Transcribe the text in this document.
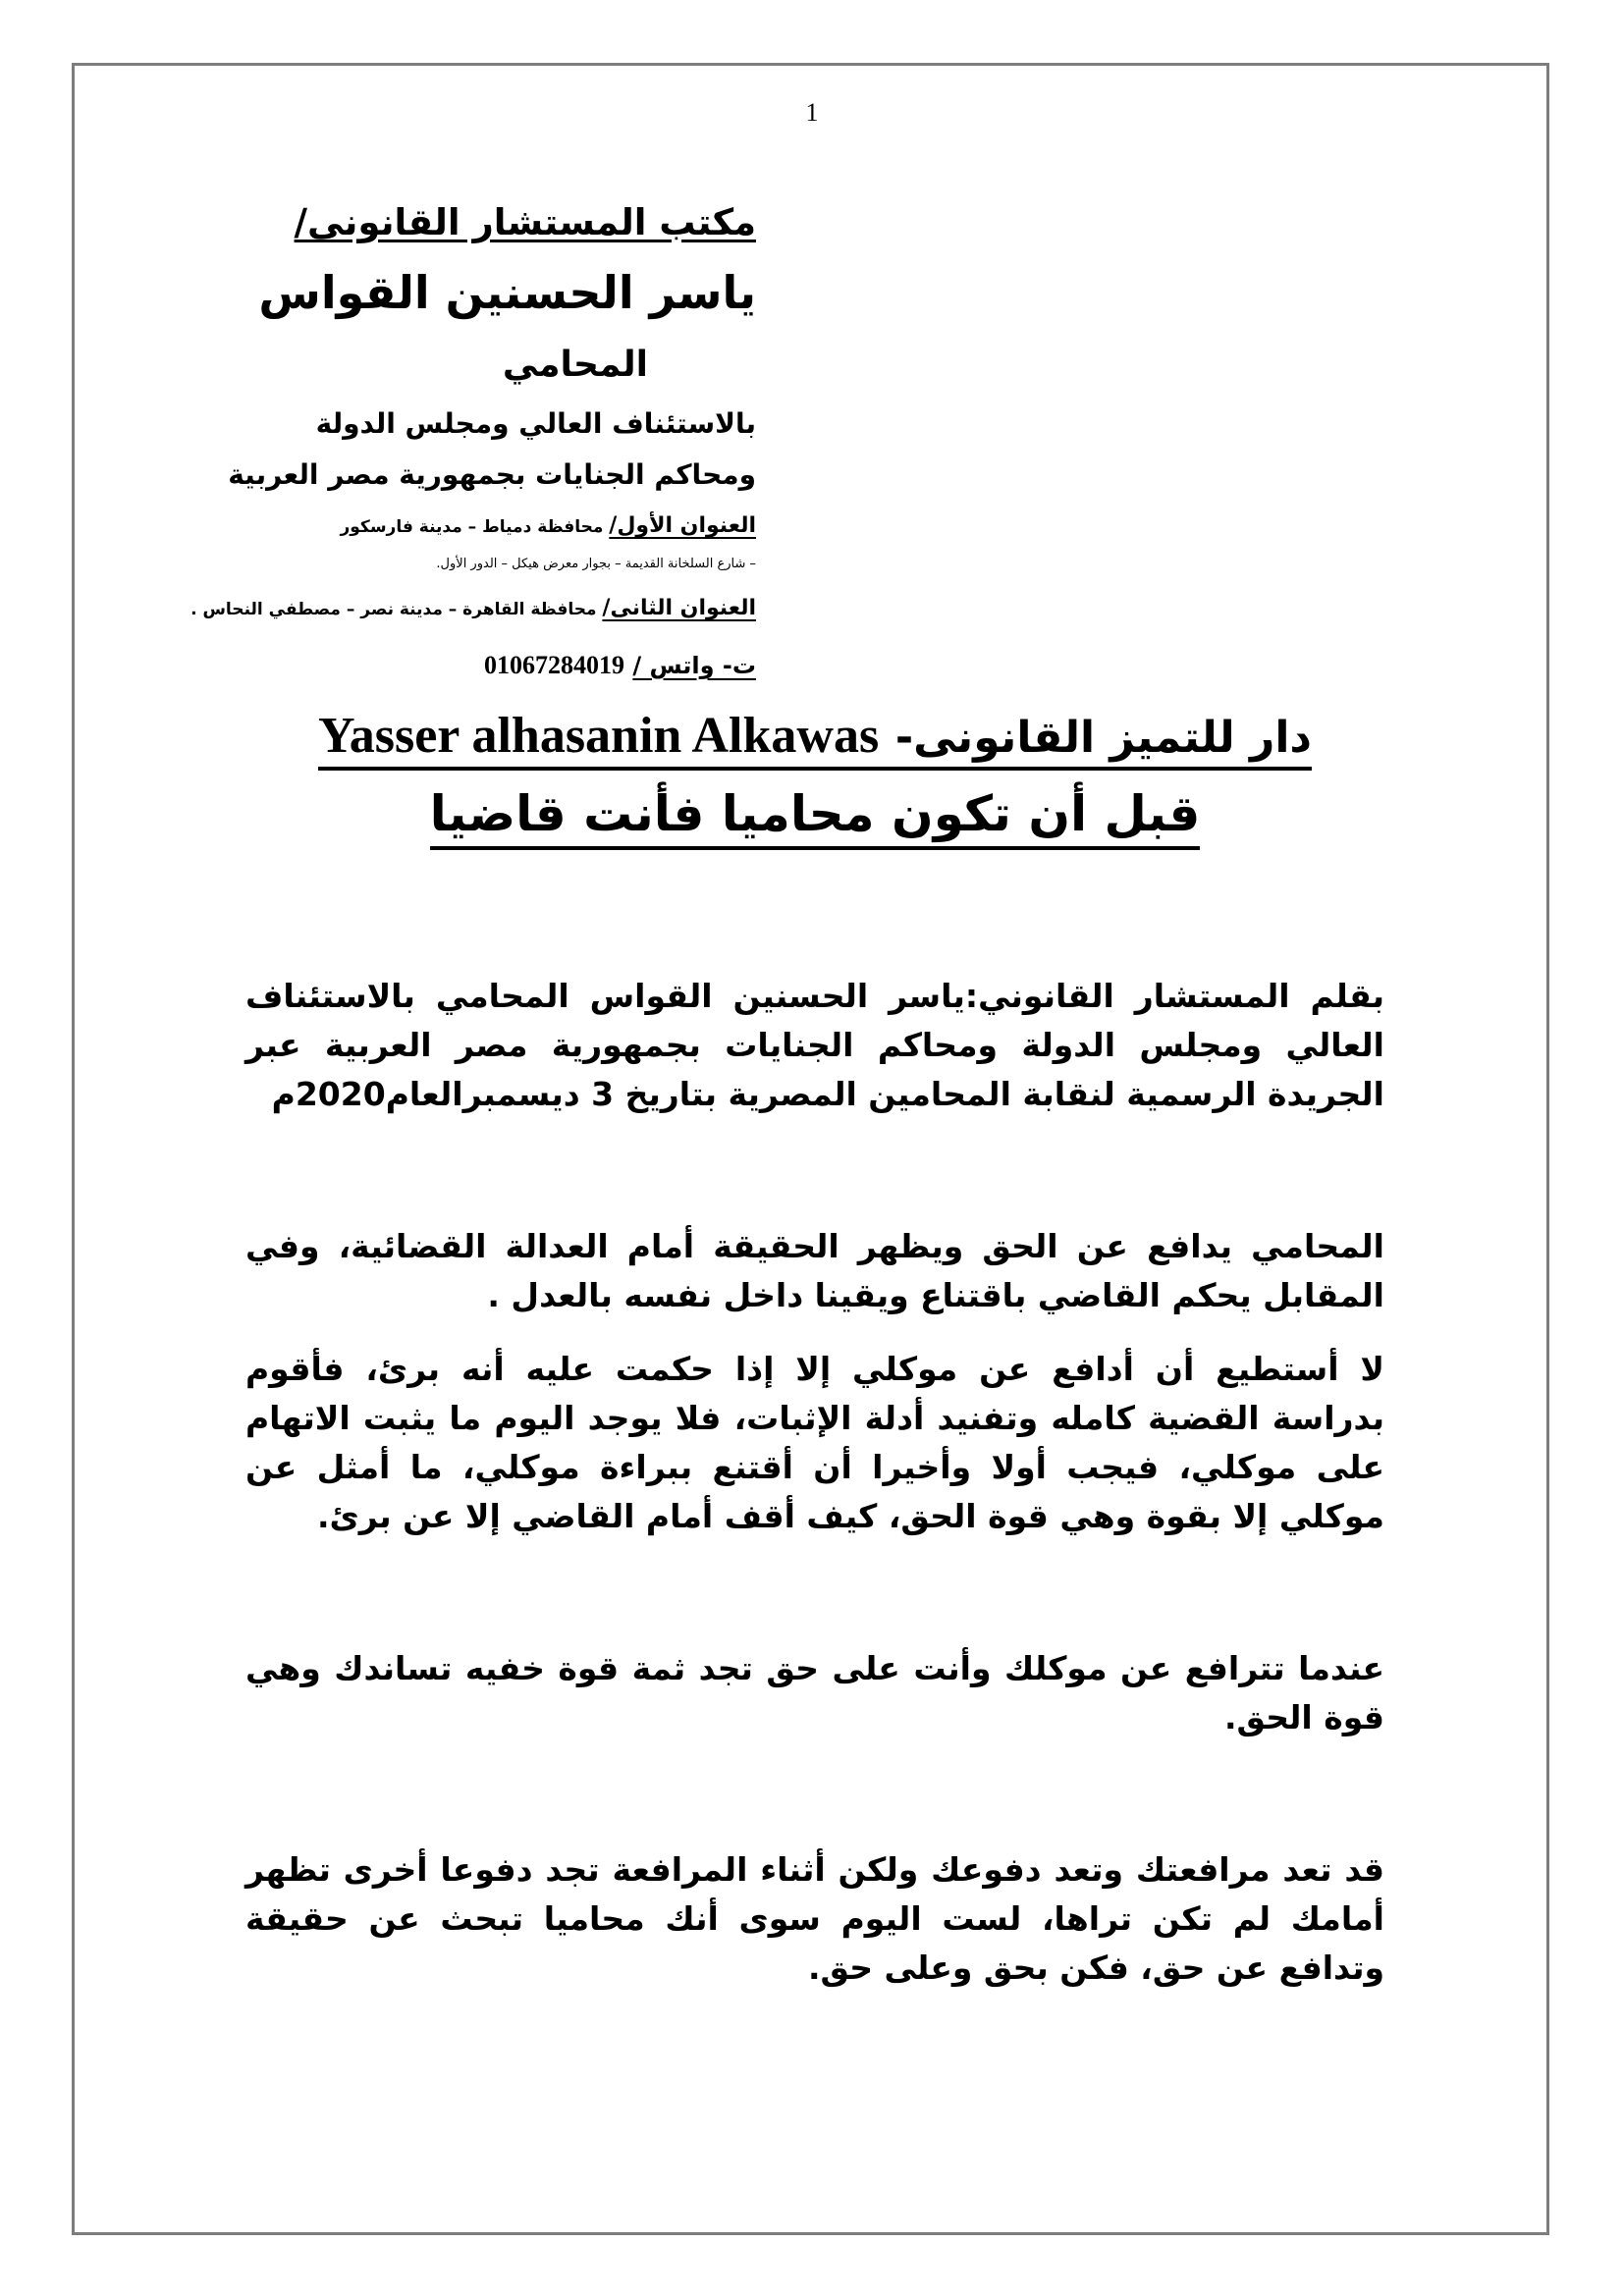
1
مكتب المستشار القانونى/
ياسر الحسنين القواس
المحامي
بالاستئناف العالي ومجلس الدولة
ومحاكم الجنايات بجمهورية مصر العربية
العنوان الأول/ محافظة دمياط – مدينة فارسكور
– شارع السلخانة القديمة – بجوار معرض هيكل – الدور الأول.
العنوان الثانى/ محافظة القاهرة – مدينة نصر – مصطفي النحاس .
ت- واتس / 01067284019
Yasser alhasanin Alkawas دار للتميز القانونى-
قبل أن تكون محاميا فأنت قاضيا

بقلم المستشار القانوني:ياسر الحسنين القواس المحامي بالاستئناف العالي ومجلس الدولة ومحاكم الجنايات بجمهورية مصر العربية عبر الجريدة الرسمية لنقابة المحامين المصرية بتاريخ 3 ديسمبرالعام2020م

المحامي يدافع عن الحق ويظهر الحقيقة أمام العدالة القضائية، وفي المقابل يحكم القاضي باقتناع ويقينا داخل نفسه بالعدل .

لا أستطيع أن أدافع عن موكلي إلا إذا حكمت عليه أنه برئ، فأقوم بدراسة القضية كامله وتفنيد أدلة الإثبات، فلا يوجد اليوم ما يثبت الاتهام على موكلي، فيجب أولا وأخيرا أن أقتنع ببراءة موكلي، ما أمثل عن موكلي إلا بقوة وهي قوة الحق، كيف أقف أمام القاضي إلا عن برئ.

عندما تترافع عن موكلك وأنت على حق تجد ثمة قوة خفيه تساندك وهي قوة الحق.

قد تعد مرافعتك وتعد دفوعك ولكن أثناء المرافعة تجد دفوعا أخرى تظهر أمامك لم تكن تراها، لست اليوم سوى أنك محاميا تبحث عن حقيقة وتدافع عن حق، فكن بحق وعلى حق.
